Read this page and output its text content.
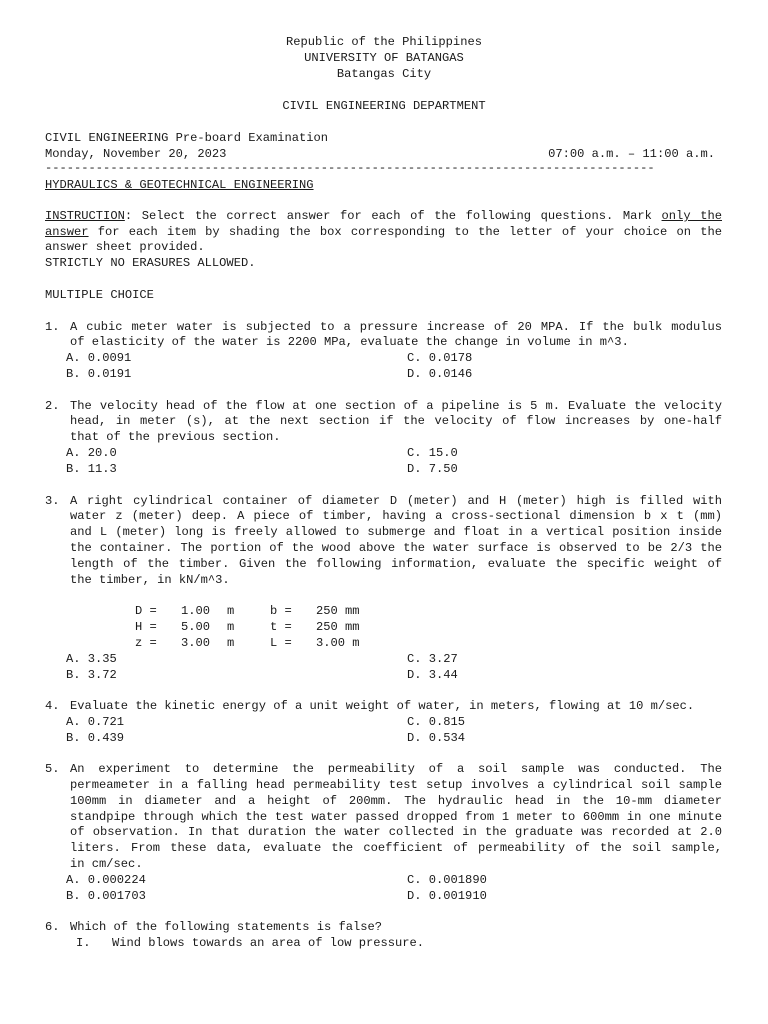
Republic of the Philippines
UNIVERSITY OF BATANGAS
Batangas City
CIVIL ENGINEERING DEPARTMENT
CIVIL ENGINEERING Pre-board Examination
Monday, November 20, 2023	07:00 a.m. – 11:00 a.m.
------------------------------------------------------------------------------------
HYDRAULICS & GEOTECHNICAL ENGINEERING
INSTRUCTION: Select the correct answer for each of the following questions. Mark only the
answer for each item by shading the box corresponding to the letter of your choice on the
answer sheet provided.
STRICTLY NO ERASURES ALLOWED.
MULTIPLE CHOICE
1. A cubic meter water is subjected to a pressure increase of 20 MPA. If the bulk modulus
of elasticity of the water is 2200 MPa, evaluate the change in volume in m^3.
A. 0.0091
B. 0.0191
C. 0.0178
D. 0.0146
2. The velocity head of the flow at one section of a pipeline is 5 m. Evaluate the velocity
head, in meter (s), at the next section if the velocity of flow increases by one-half
that of the previous section.
A. 20.0
B. 11.3
C. 15.0
D. 7.50
3. A right cylindrical container of diameter D (meter) and H (meter) high is filled with
water z (meter) deep. A piece of timber, having a cross-sectional dimension b x t (mm)
and L (meter) long is freely allowed to submerge and float in a vertical position inside
the container. The portion of the wood above the water surface is observed to be 2/3 the
length of the timber. Given the following information, evaluate the specific weight of
the timber, in kN/m^3.
D = 1.00 m	b = 250 mm
H = 5.00 m	t = 250 mm
z = 3.00 m	L = 3.00 m
A. 3.35
B. 3.72
C. 3.27
D. 3.44
4. Evaluate the kinetic energy of a unit weight of water, in meters, flowing at 10 m/sec.
A. 0.721
B. 0.439
C. 0.815
D. 0.534
5. An experiment to determine the permeability of a soil sample was conducted. The
permeameter in a falling head permeability test setup involves a cylindrical soil sample
100mm in diameter and a height of 200mm. The hydraulic head in the 10-mm diameter
standpipe through which the test water passed dropped from 1 meter to 600mm in one minute
of observation. In that duration the water collected in the graduate was recorded at 2.0
liters. From these data, evaluate the coefficient of permeability of the soil sample,
in cm/sec.
A. 0.000224
B. 0.001703
C. 0.001890
D. 0.001910
6. Which of the following statements is false?
I. Wind blows towards an area of low pressure.
